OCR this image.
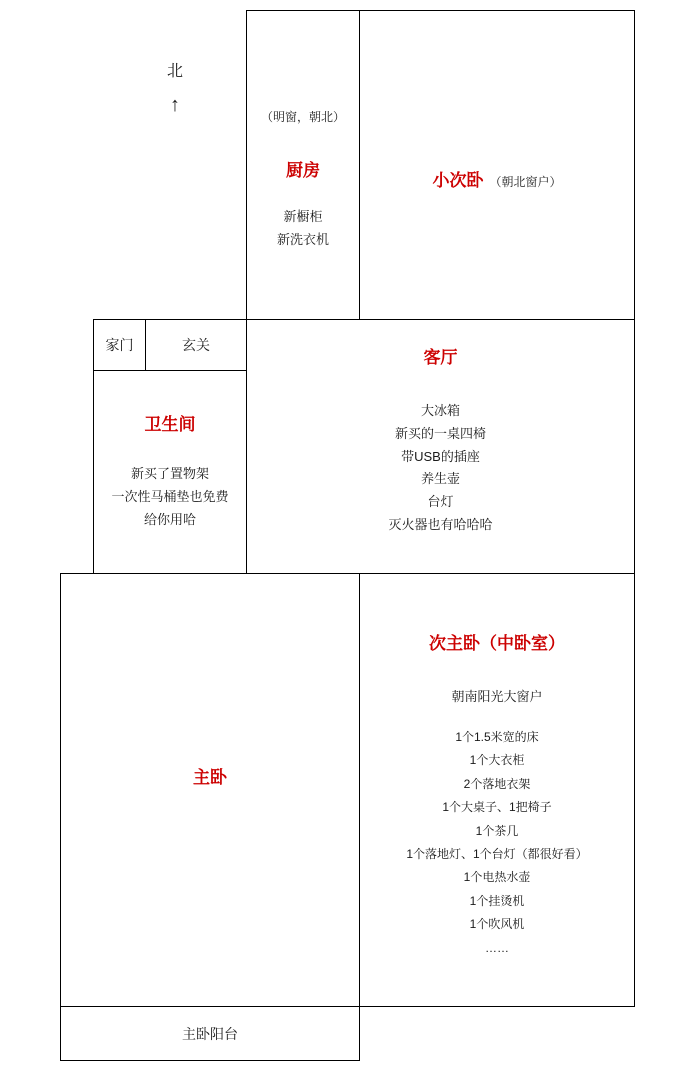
北
↑
（明窗，朝北）
厨房
新橱柜
新洗衣机
小次卧 （朝北窗户）
家门	玄关
卫生间
新买了置物架
一次性马桶垫也免费
给你用哈
客厅
大冰箱
新买的一桌四椅
带USB的插座
养生壶
台灯
灭火器也有哈哈哈
主卧
主卧阳台
次主卧（中卧室）
朝南阳光大窗户
1个1.5米宽的床
1个大衣柜
2个落地衣架
1个大桌子、1把椅子
1个茶几
1个落地灯、1个台灯（都很好看）
1个电热水壶
1个挂烫机
1个吹风机
……
